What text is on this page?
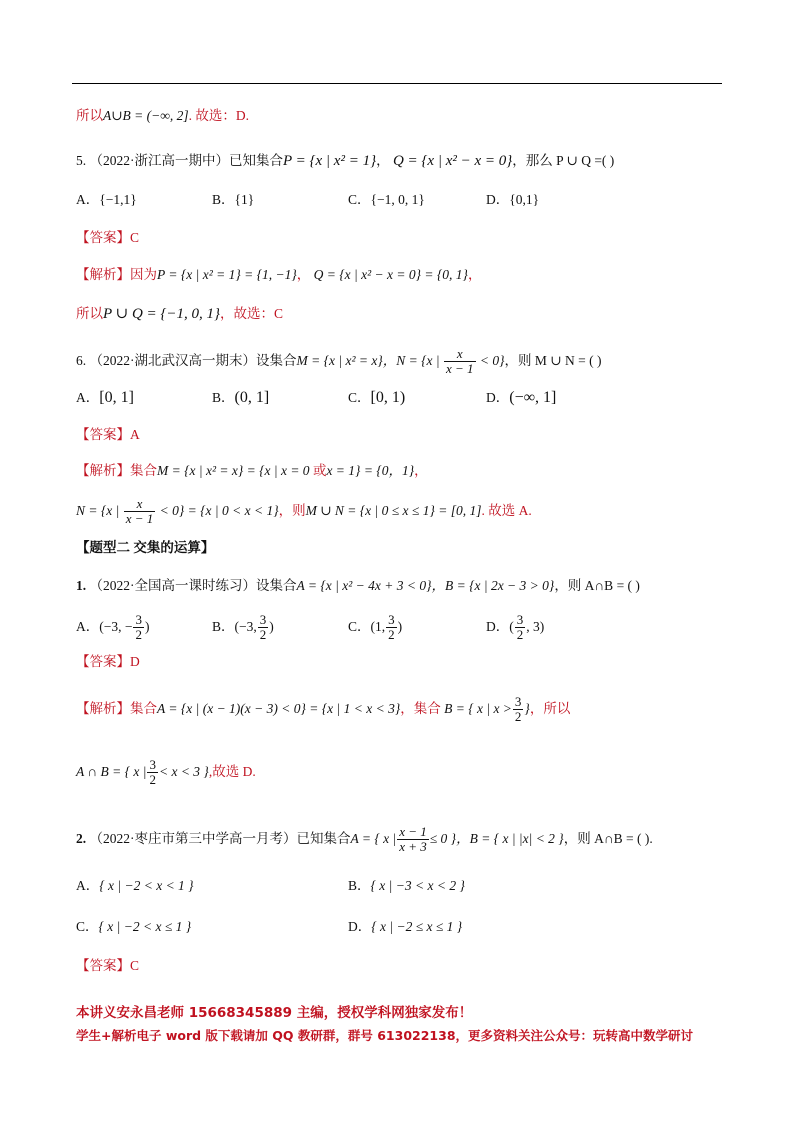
所以A∪B = (−∞, 2]. 故选：D.
5. （2022·浙江高一期中）已知集合P = {x | x² = 1}， Q = {x | x² − x = 0}，那么 P ∪ Q =( )
A．{−1,1}	B．{1}	C．{−1, 0, 1}	D．{0,1}
【答案】C
【解析】因为P = {x | x² = 1} = {1, −1}， Q = {x | x² − x = 0} = {0, 1}，
所以P ∪ Q = {−1, 0, 1}，故选：C
6. （2022·湖北武汉高一期末）设集合M = {x | x² = x}，N = {x | $\frac{x}{x - 1} < 0$}，则 M ∪ N = ( )
A．[0, 1]	B．(0, 1]	C．[0, 1)	D．(−∞, 1]
【答案】A
【解析】集合M = {x | x² = x} = {x | x = 0 或x = 1} = {0，1}，
N = {x | $\frac{x}{x - 1} < 0\} = \{x$ | 0 < x < 1}，则M ∪ N = {x | 0 ≤ x ≤ 1} = [0, 1]. 故选 A.
【题型二 交集的运算】
1. （2022·全国高一课时练习）设集合A = {x | x² − 4x + 3 < 0}，B = {x | 2x − 3 > 0}，则 A∩B = ( )
A．(−3, − $\frac{3}{2}$ )	B．(−3, $\frac{3}{2}$ )	C．(1, $\frac{3}{2}$ )	D．( $\frac{3}{2}$ , 3)
【答案】D
【解析】集合A = {x | (x − 1)(x − 3) < 0} = {x | 1 < x < 3}，集合 B = { x | $x > \frac{3}{2}$ }，所以
A ∩ B = { x | $\frac{3}{2} < x < 3$ },故选 D.
2. （2022·枣庄市第三中学高一月考）已知集合A = { x | $\frac{x - 1}{x + 3} \le 0$ }，B = { x | |x| < 2 }，则 A∩B = ( ).
A．{ x | −2 < x < 1 }	B．{ x | −3 < x < 2 }
C．{ x | −2 < x ≤ 1 }	D．{ x | −2 ≤ x ≤ 1 }
【答案】C
本讲义安永昌老师 15668345889 主编，授权学科网独家发布！
学生+解析电子 word 版下载请加 QQ 教研群，群号 613022138，更多资料关注公众号：玩转高中数学研讨
